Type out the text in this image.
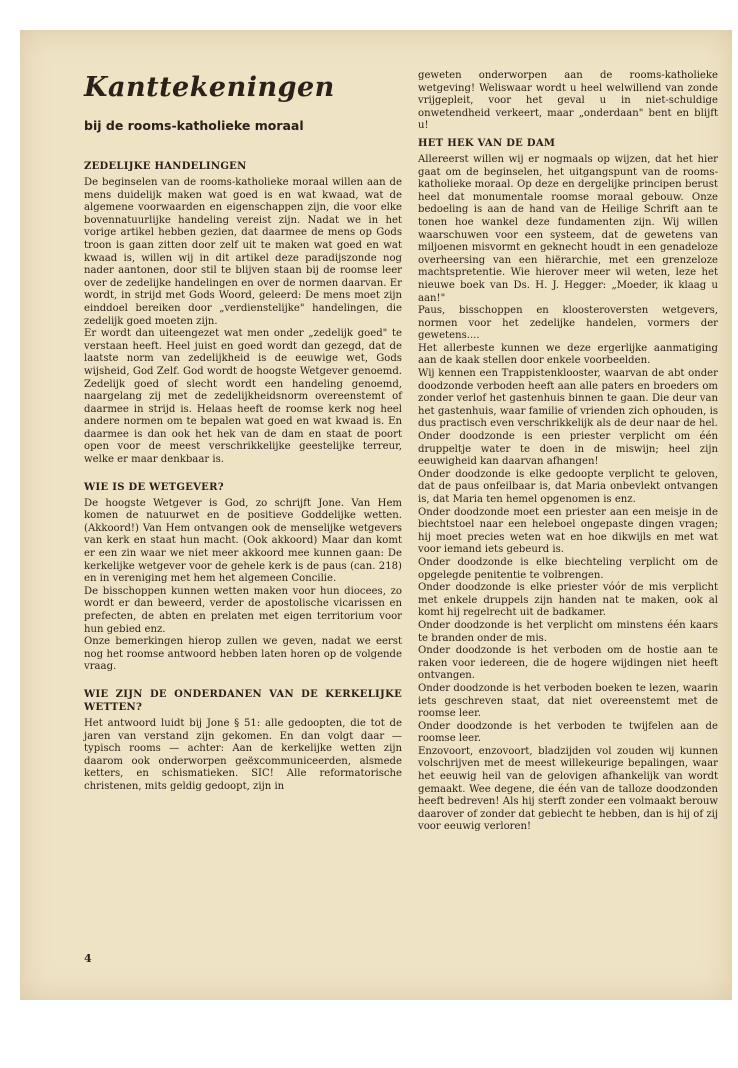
Kanttekeningen
bij de rooms-katholieke moraal
ZEDELIJKE HANDELINGEN

De beginselen van de rooms-katholieke moraal willen aan de mens duidelijk maken wat goed is en wat kwaad, wat de algemene voorwaarden en eigenschappen zijn, die voor elke bovennatuurlijke handeling vereist zijn. Nadat we in het vorige artikel hebben gezien, dat daarmee de mens op Gods troon is gaan zitten door zelf uit te maken wat goed en wat kwaad is, willen wij in dit artikel deze paradijszonde nog nader aantonen, door stil te blijven staan bij de roomse leer over de zedelijke handelingen en over de normen daarvan. Er wordt, in strijd met Gods Woord, geleerd: De mens moet zijn einddoel bereiken door „verdienstelijke" handelingen, die zedelijk goed moeten zijn.

Er wordt dan uiteengezet wat men onder „zedelijk goed" te verstaan heeft. Heel juist en goed wordt dan gezegd, dat de laatste norm van zedelijkheid is de eeuwige wet, Gods wijsheid, God Zelf. God wordt de hoogste Wetgever genoemd. Zedelijk goed of slecht wordt een handeling genoemd, naargelang zij met de zedelijkheidsnorm overeenstemt of daarmee in strijd is. Helaas heeft de roomse kerk nog heel andere normen om te bepalen wat goed en wat kwaad is. En daarmee is dan ook het hek van de dam en staat de poort open voor de meest verschrikkelijke geestelijke terreur, welke er maar denkbaar is.

WIE IS DE WETGEVER?

De hoogste Wetgever is God, zo schrijft Jone. Van Hem komen de natuurwet en de positieve Goddelijke wetten. (Akkoord!) Van Hem ontvangen ook de menselijke wetgevers van kerk en staat hun macht. (Ook akkoord) Maar dan komt er een zin waar we niet meer akkoord mee kunnen gaan: De kerkelijke wetgever voor de gehele kerk is de paus (can. 218) en in vereniging met hem het algemeen Concilie.

De bisschoppen kunnen wetten maken voor hun diocees, zo wordt er dan beweerd, verder de apostolische vicarissen en prefecten, de abten en prelaten met eigen territorium voor hun gebied enz.

Onze bemerkingen hierop zullen we geven, nadat we eerst nog het roomse antwoord hebben laten horen op de volgende vraag.

WIE ZIJN DE ONDERDANEN VAN DE KERKELIJKE WETTEN?

Het antwoord luidt bij Jone § 51: alle gedoopten, die tot de jaren van verstand zijn gekomen. En dan volgt daar — typisch rooms — achter: Aan de kerkelijke wetten zijn daarom ook onderworpen geëxcommuniceerden, alsmede ketters, en schismatieken. SIC! Alle reformatorische christenen, mits geldig gedoopt, zijn in

geweten onderworpen aan de rooms-katholieke wetgeving! Weliswaar wordt u heel welwillend van zonde vrijgepleit, voor het geval u in niet-schuldige onwetendheid verkeert, maar „onderdaan" bent en blijft u!

HET HEK VAN DE DAM

Allereerst willen wij er nogmaals op wijzen, dat het hier gaat om de beginselen, het uitgangspunt van de rooms-katholieke moraal. Op deze en dergelijke principen berust heel dat monumentale roomse moraal gebouw. Onze bedoeling is aan de hand van de Heilige Schrift aan te tonen hoe wankel deze fundamenten zijn. Wij willen waarschuwen voor een systeem, dat de gewetens van miljoenen misvormt en geknecht houdt in een genadeloze overheersing van een hiërarchie, met een grenzeloze machtspretentie. Wie hierover meer wil weten, leze het nieuwe boek van Ds. H. J. Hegger: „Moeder, ik klaag u aan!"

Paus, bisschoppen en kloosteroversten wetgevers, normen voor het zedelijke handelen, vormers der gewetens....

Het allerbeste kunnen we deze ergerlijke aanmatiging aan de kaak stellen door enkele voorbeelden.

Wij kennen een Trappistenklooster, waarvan de abt onder doodzonde verboden heeft aan alle paters en broeders om zonder verlof het gastenhuis binnen te gaan. Die deur van het gastenhuis, waar familie of vrienden zich ophouden, is dus practisch even verschrikkelijk als de deur naar de hel.

Onder doodzonde is een priester verplicht om één druppeltje water te doen in de miswijn; heel zijn eeuwigheid kan daarvan afhangen!

Onder doodzonde is elke gedoopte verplicht te geloven, dat de paus onfeilbaar is, dat Maria onbevlekt ontvangen is, dat Maria ten hemel opgenomen is enz.

Onder doodzonde moet een priester aan een meisje in de biechtstoel naar een heleboel ongepaste dingen vragen; hij moet precies weten wat en hoe dikwijls en met wat voor iemand iets gebeurd is.

Onder doodzonde is elke biechteling verplicht om de opgelegde penitentie te volbrengen.

Onder doodzonde is elke priester vóór de mis verplicht met enkele druppels zijn handen nat te maken, ook al komt hij regelrecht uit de badkamer.

Onder doodzonde is het verplicht om minstens één kaars te branden onder de mis.

Onder doodzonde is het verboden om de hostie aan te raken voor iedereen, die de hogere wijdingen niet heeft ontvangen.

Onder doodzonde is het verboden boeken te lezen, waarin iets geschreven staat, dat niet overeenstemt met de roomse leer.

Onder doodzonde is het verboden te twijfelen aan de roomse leer.

Enzovoort, enzovoort, bladzijden vol zouden wij kunnen volschrijven met de meest willekeurige bepalingen, waar het eeuwig heil van de gelovigen afhankelijk van wordt gemaakt. Wee degene, die één van de talloze doodzonden heeft bedreven! Als hij sterft zonder een volmaakt berouw daarover of zonder dat gebiecht te hebben, dan is hij of zij voor eeuwig verloren!

4
